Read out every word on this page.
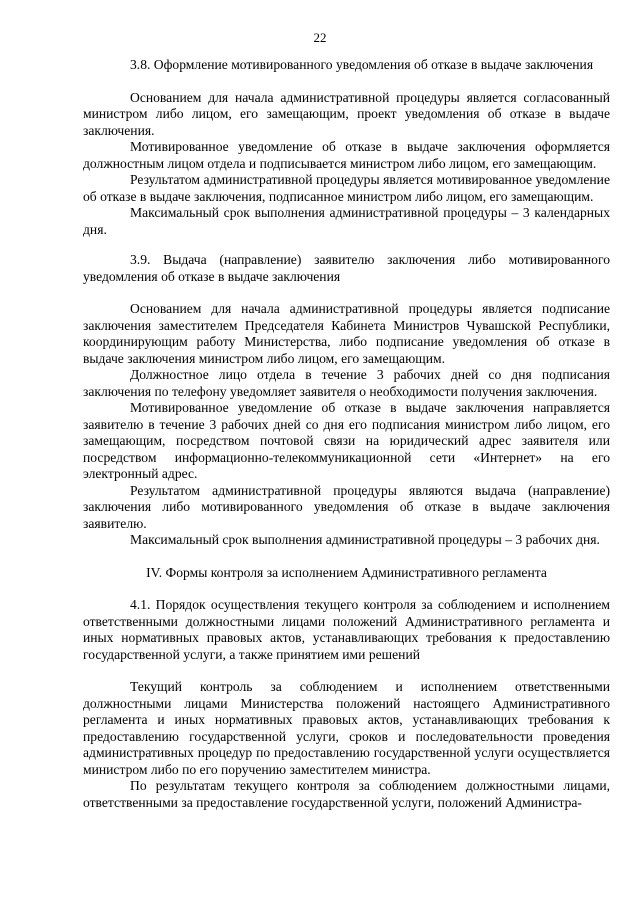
22

3.8. Оформление мотивированного уведомления об отказе в выдаче заключения

Основанием для начала административной процедуры является согласованный министром либо лицом, его замещающим, проект уведомления об отказе в выдаче заключения.

Мотивированное уведомление об отказе в выдаче заключения оформляется должностным лицом отдела и подписывается министром либо лицом, его замещающим.

Результатом административной процедуры является мотивированное уведомление об отказе в выдаче заключения, подписанное министром либо лицом, его замещающим.

Максимальный срок выполнения административной процедуры – 3 календарных дня.

3.9. Выдача (направление) заявителю заключения либо мотивированного уведомления об отказе в выдаче заключения

Основанием для начала административной процедуры является подписание заключения заместителем Председателя Кабинета Министров Чувашской Республики, координирующим работу Министерства, либо подписание уведомления об отказе в выдаче заключения министром либо лицом, его замещающим.

Должностное лицо отдела в течение 3 рабочих дней со дня подписания заключения по телефону уведомляет заявителя о необходимости получения заключения.

Мотивированное уведомление об отказе в выдаче заключения направляется заявителю в течение 3 рабочих дней со дня его подписания министром либо лицом, его замещающим, посредством почтовой связи на юридический адрес заявителя или посредством информационно-телекоммуникационной сети «Интернет» на его электронный адрес.

Результатом административной процедуры являются выдача (направление) заключения либо мотивированного уведомления об отказе в выдаче заключения заявителю.

Максимальный срок выполнения административной процедуры – 3 рабочих дня.

IV. Формы контроля за исполнением Административного регламента

4.1. Порядок осуществления текущего контроля за соблюдением и исполнением ответственными должностными лицами положений Административного регламента и иных нормативных правовых актов, устанавливающих требования к предоставлению государственной услуги, а также принятием ими решений

Текущий контроль за соблюдением и исполнением ответственными должностными лицами Министерства положений настоящего Административного регламента и иных нормативных правовых актов, устанавливающих требования к предоставлению государственной услуги, сроков и последовательности проведения административных процедур по предоставлению государственной услуги осуществляется министром либо по его поручению заместителем министра.

По результатам текущего контроля за соблюдением должностными лицами, ответственными за предоставление государственной услуги, положений Администра-
